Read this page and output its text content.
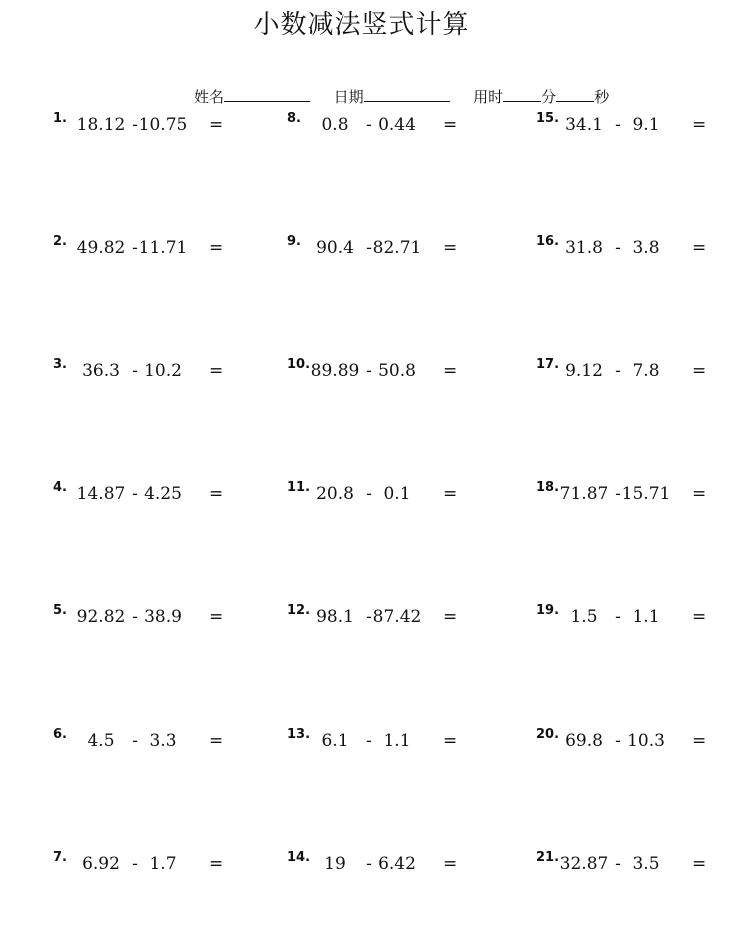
小数减法竖式计算
姓名	日期	用时	分	秒
1. 18.12 - 10.75 =
2. 49.82 - 11.71 =
3. 36.3 - 10.2	=
4. 14.87 - 4.25	=
5. 92.82 - 38.9	=
6.	4.5	- 3.3	=
7. 6.92 - 1.7	=
8.	0.8	- 0.44	=
9. 90.4 - 82.71 =
10. 89.89 - 50.8	=
11. 20.8 - 0.1	=
12. 98.1 - 87.42 =
13. 6.1	- 1.1	=
14. 19	- 6.42	=
15. 34.1 - 9.1	=
16. 31.8 - 3.8	=
17. 9.12 - 7.8	=
18. 71.87 - 15.71 =
19. 1.5	- 1.1	=
20. 69.8 - 10.3	=
21. 32.87 - 3.5	=
